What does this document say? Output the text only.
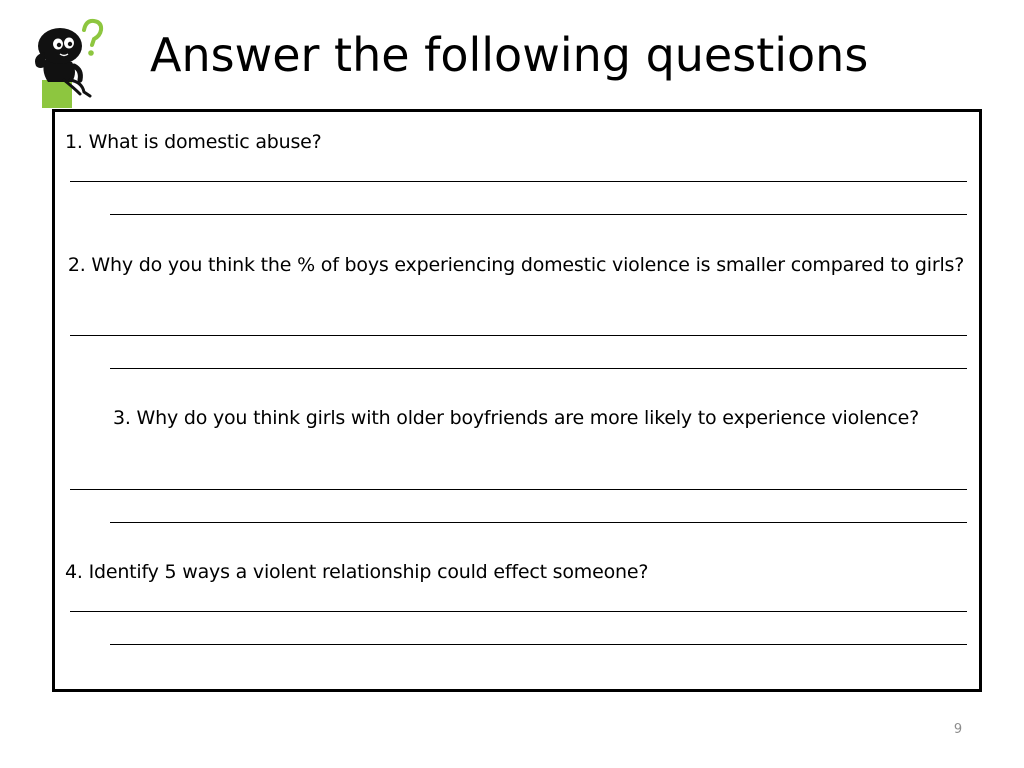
Answer the following questions
1. What is domestic abuse?
2. Why do you think the % of boys experiencing domestic violence is smaller compared to girls?
3. Why do you think girls with older boyfriends are more likely to experience violence?
4. Identify 5 ways a violent relationship could effect someone?
9
